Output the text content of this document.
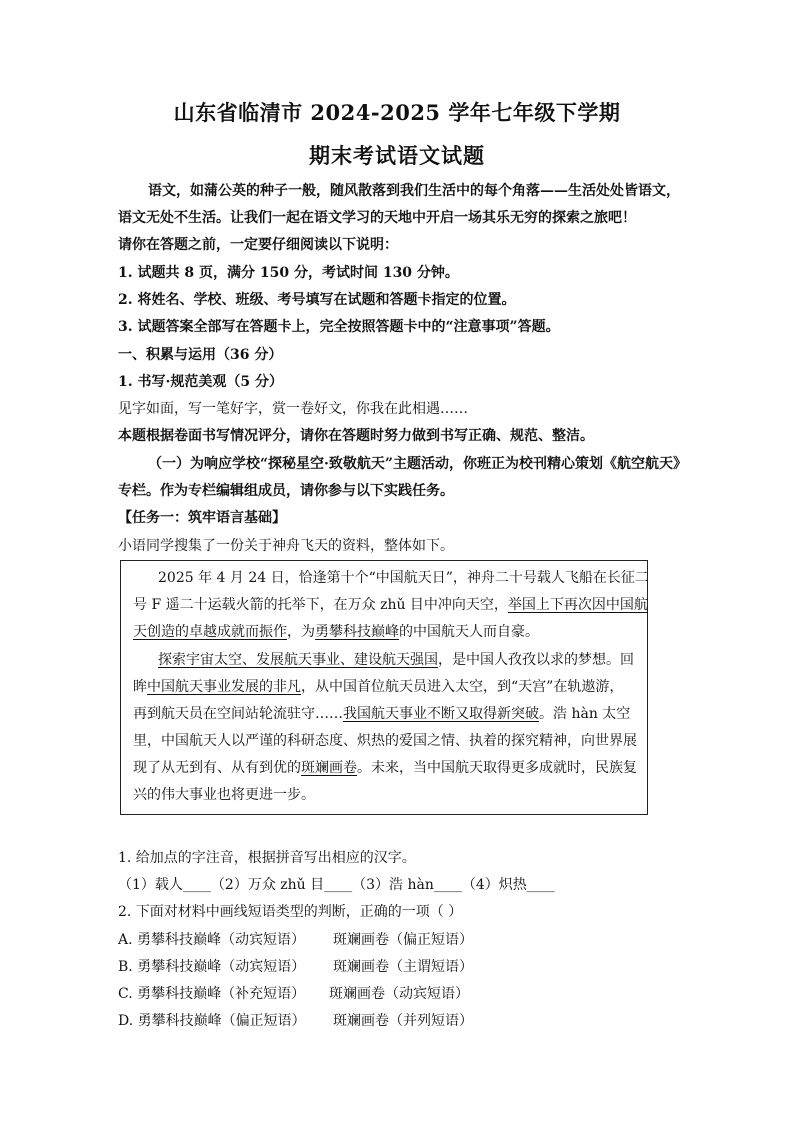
山东省临清市 2024-2025 学年七年级下学期
期末考试语文试题
语文，如蒲公英的种子一般，随风散落到我们生活中的每个角落——生活处处皆语文，
语文无处不生活。让我们一起在语文学习的天地中开启一场其乐无穷的探索之旅吧！
请你在答题之前，一定要仔细阅读以下说明：
1. 试题共 8 页，满分 150 分，考试时间 130 分钟。
2. 将姓名、学校、班级、考号填写在试题和答题卡指定的位置。
3. 试题答案全部写在答题卡上，完全按照答题卡中的“注意事项”答题。
一、积累与运用（36 分）
1. 书写·规范美观（5 分）
见字如面，写一笔好字，赏一卷好文，你我在此相遇……
本题根据卷面书写情况评分，请你在答题时努力做到书写正确、规范、整洁。
（一）为响应学校“探秘星空·致敬航天”主题活动，你班正为校刊精心策划《航空航天》
专栏。作为专栏编辑组成员，请你参与以下实践任务。
【任务一：筑牢语言基础】
小语同学搜集了一份关于神舟飞天的资料，整体如下。
2025 年 4 月 24 日，恰逢第十个“中国航天日”，神舟二十号载人飞船在长征二
号 F 遥二十运载火箭的托举下，在万众 zhǔ 目中冲向天空，举国上下再次因中国航
天创造的卓越成就而振作，为勇攀科技巅峰的中国航天人而自豪。
探索宇宙太空、发展航天事业、建设航天强国，是中国人孜孜以求的梦想。回
眸中国航天事业发展的非凡，从中国首位航天员进入太空，到“天宫”在轨遨游，
再到航天员在空间站轮流驻守……我国航天事业不断又取得新突破。浩 hàn 太空
里，中国航天人以严谨的科研态度、炽热的爱国之情、执着的探究精神，向世界展
现了从无到有、从有到优的斑斓画卷。未来，当中国航天取得更多成就时，民族复
兴的伟大事业也将更进一步。
1. 给加点的字注音，根据拼音写出相应的汉字。
（1）载人____（2）万众 zhǔ 目____（3）浩 hàn____（4）炽热____
2. 下面对材料中画线短语类型的判断，正确的一项（ ）
A. 勇攀科技巅峰（动宾短语） 斑斓画卷（偏正短语）
B. 勇攀科技巅峰（动宾短语） 斑斓画卷（主谓短语）
C. 勇攀科技巅峰（补充短语） 斑斓画卷（动宾短语）
D. 勇攀科技巅峰（偏正短语） 斑斓画卷（并列短语）
